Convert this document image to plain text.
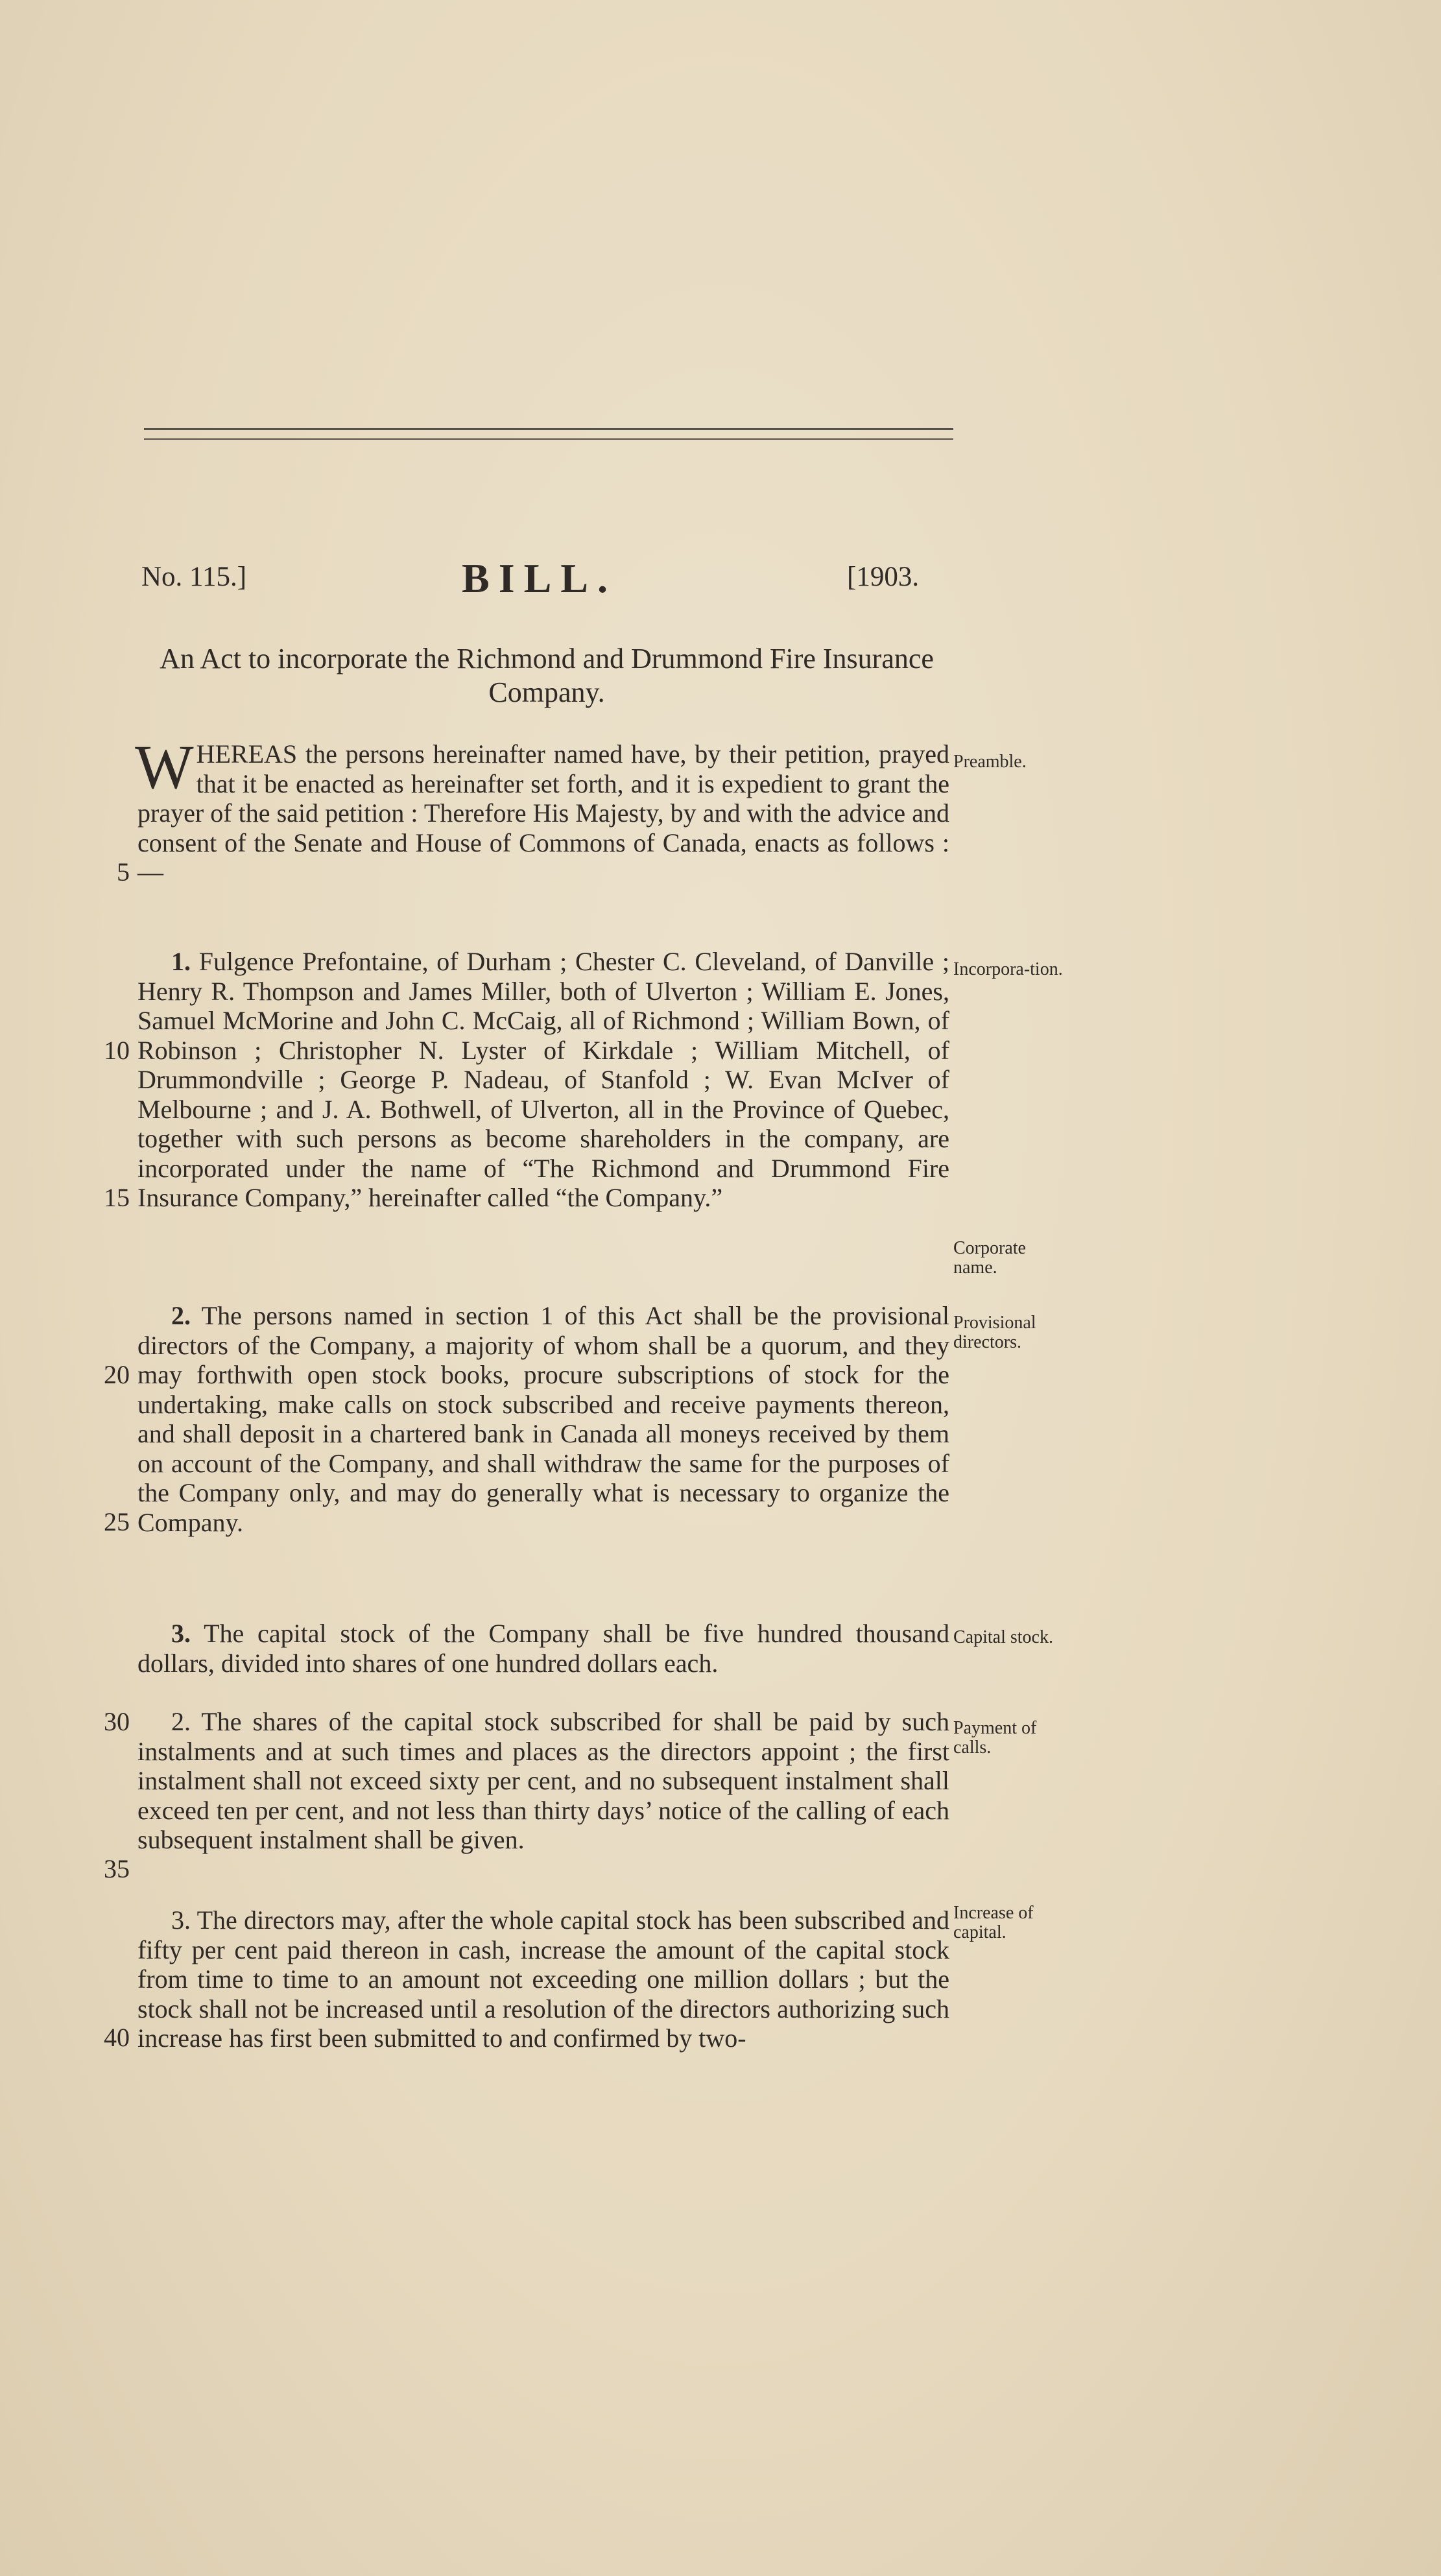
No. 115.]	BILL.	[1903.
An Act to incorporate the Richmond and Drummond Fire Insurance Company.

WHEREAS the persons hereinafter named have, by their petition, prayed that it be enacted as hereinafter set forth, and it is expedient to grant the prayer of the said petition : Therefore His Majesty, by and with the advice and consent of the Senate and House of Commons of Canada, enacts as follows :—

1. Fulgence Prefontaine, of Durham ; Chester C. Cleveland, of Danville ; Henry R. Thompson and James Miller, both of Ulverton ; William E. Jones, Samuel McMorine and John C. McCaig, all of Richmond ; William Bown, of Robinson ; Christopher N. Lyster of Kirkdale ; William Mitchell, of Drummondville ; George P. Nadeau, of Stanfold ; W. Evan McIver of Melbourne ; and J. A. Bothwell, of Ulverton, all in the Province of Quebec, together with such persons as become shareholders in the company, are incorporated under the name of “The Richmond and Drummond Fire Insurance Company,” hereinafter called “the Company.”

2. The persons named in section 1 of this Act shall be the provisional directors of the Company, a majority of whom shall be a quorum, and they may forthwith open stock books, procure subscriptions of stock for the undertaking, make calls on stock subscribed and receive payments thereon, and shall deposit in a chartered bank in Canada all moneys received by them on account of the Company, and shall withdraw the same for the purposes of the Company only, and may do generally what is necessary to organize the Company.

3. The capital stock of the Company shall be five hundred thousand dollars, divided into shares of one hundred dollars each.

2. The shares of the capital stock subscribed for shall be paid by such instalments and at such times and places as the directors appoint ; the first instalment shall not exceed sixty per cent, and no subsequent instalment shall exceed ten per cent, and not less than thirty days’ notice of the calling of each subsequent instalment shall be given.

3. The directors may, after the whole capital stock has been subscribed and fifty per cent paid thereon in cash, increase the amount of the capital stock from time to time to an amount not exceeding one million dollars ; but the stock shall not be increased until a resolution of the directors authorizing such increase has first been submitted to and confirmed by two-

Preamble.
Incorpora-tion.
Corporate name.
Provisional directors.
Capital stock.
Payment of calls.
Increase of capital.
5
10
15
20
25
30
35
40
